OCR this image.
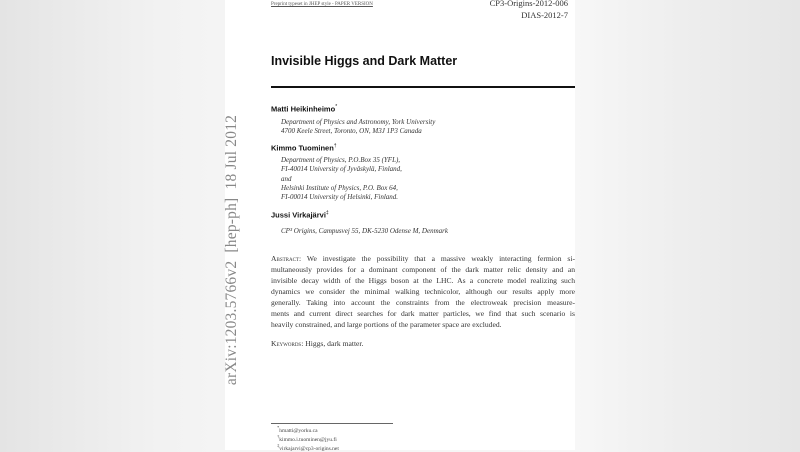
Preprint typeset in JHEP style - PAPER VERSION	CP3-Origins-2012-006
DIAS-2012-7
arXiv:1203.5766v2  [hep-ph]  18 Jul 2012
Invisible Higgs and Dark Matter
Matti Heikinheimo*
Department of Physics and Astronomy, York University
4700 Keele Street, Toronto, ON, M3J 1P3 Canada
Kimmo Tuominen†
Department of Physics, P.O.Box 35 (YFL),
FI-40014 University of Jyväskylä, Finland,
and
Helsinki Institute of Physics, P.O. Box 64,
FI-00014 University of Helsinki, Finland.
Jussi Virkajärvi‡
CP³ Origins, Campusvej 55, DK-5230 Odense M, Denmark
Abstract: We investigate the possibility that a massive weakly interacting fermion si-
multaneously provides for a dominant component of the dark matter relic density and an
invisible decay width of the Higgs boson at the LHC. As a concrete model realizing such
dynamics we consider the minimal walking technicolor, although our results apply more
generally. Taking into account the constraints from the electroweak precision measure-
ments and current direct searches for dark matter particles, we find that such scenario is
heavily constrained, and large portions of the parameter space are excluded.
Keywords: Higgs, dark matter.
*hmatti@yorku.ca
†kimmo.i.tuominen@jyu.fi
‡virkajarvi@cp3-origins.net
